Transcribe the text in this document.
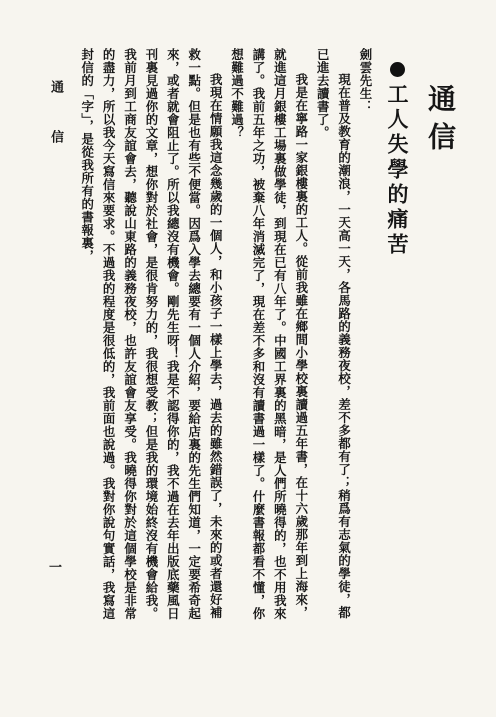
通信
工人失學的痛苦

劍雲先生：

現在普及教育的潮浪，一天高一天，各馬路的義務夜校，差不多都有了；稍爲有志氣的學徒，都已進去讀書了。

我是在寧路一家銀樓裏的工人。從前我雖在鄉間小學校裏讀過五年書，在十六歲那年到上海來，就進這月銀樓工場裏做學徒，到現在已有八年了。中國工界裏的黑暗，是人們所曉得的，也不用我來講了。我前五年之功，被棄八年消滅完了，現在差不多和沒有讀書過一樣了。什麼書報都看不懂，你想難過不難過？

我現在情願我這念幾歲的一個人，和小孩子一樣上學去，過去的雖然錯誤了，未來的或者還好補救一點。但是也有些不便當。因爲入學去總要有一個人介紹，要給店裏的先生們知道，一定要希奇起來，或者就會阻止了。所以我總沒有機會。剛先生呀！我是不認得你的，我不過在去年出版底藥風日刊裏見過你的文章，想你對於社會，是很肯努力的，我很想受教；但是我的環境始終沒有機會給我。我前月到工商友誼會去，聽說山東路的義務夜校，也許友誼會友享受。我曉得你對於這個學校是非常的盡力，所以我今天寫信來要求。不過我的程度是很低的，我前面也說過。我對你說句實話，我寫這封信的「字」，是從我所有的書報裏，

通　信
一
